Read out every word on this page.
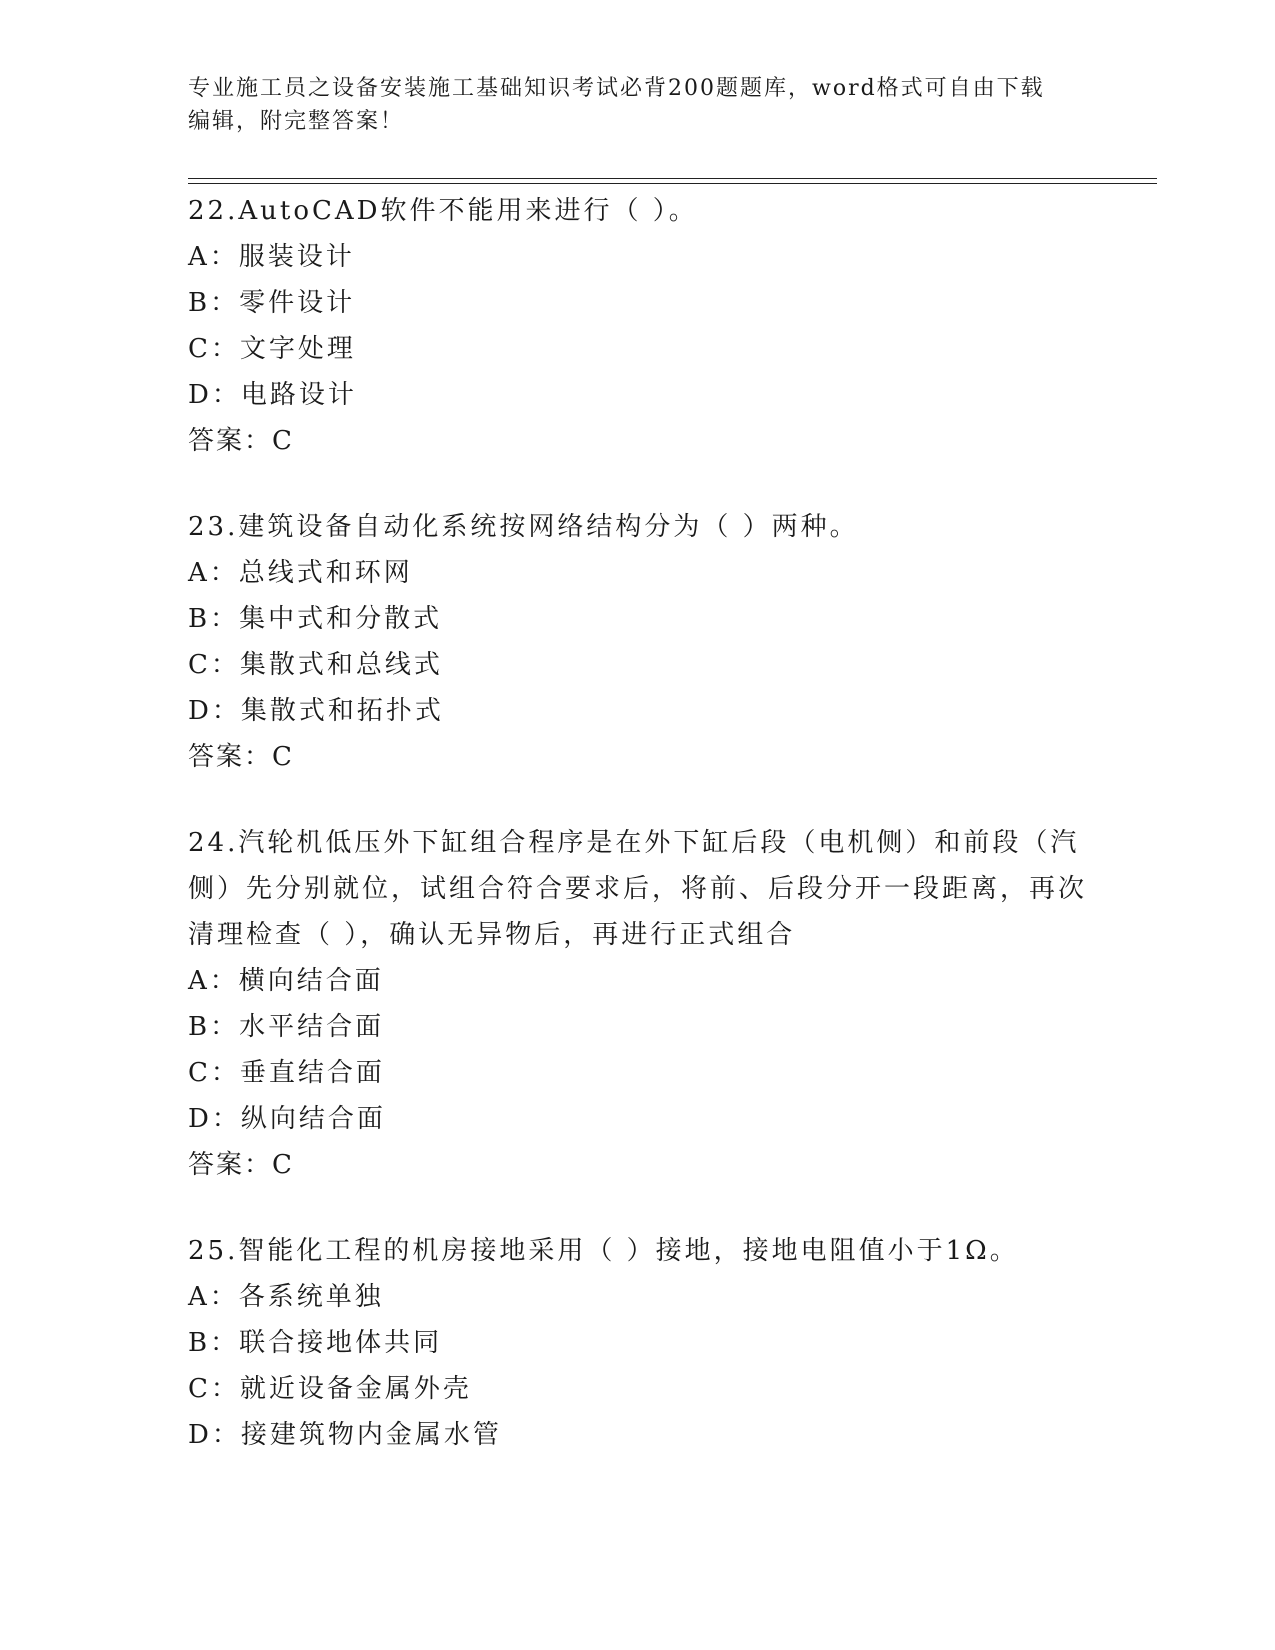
专业施工员之设备安装施工基础知识考试必背200题题库，word格式可自由下载
编辑，附完整答案！
22.AutoCAD软件不能用来进行（ ）。
A：服装设计
B：零件设计
C：文字处理
D：电路设计
答案：C
23.建筑设备自动化系统按网络结构分为（ ）两种。
A：总线式和环网
B：集中式和分散式
C：集散式和总线式
D：集散式和拓扑式
答案：C
24.汽轮机低压外下缸组合程序是在外下缸后段（电机侧）和前段（汽侧）先分别就位，试组合符合要求后，将前、后段分开一段距离，再次清理检查（ ），确认无异物后，再进行正式组合
A：横向结合面
B：水平结合面
C：垂直结合面
D：纵向结合面
答案：C
25.智能化工程的机房接地采用（ ）接地，接地电阻值小于1Ω。
A：各系统单独
B：联合接地体共同
C：就近设备金属外壳
D：接建筑物内金属水管
